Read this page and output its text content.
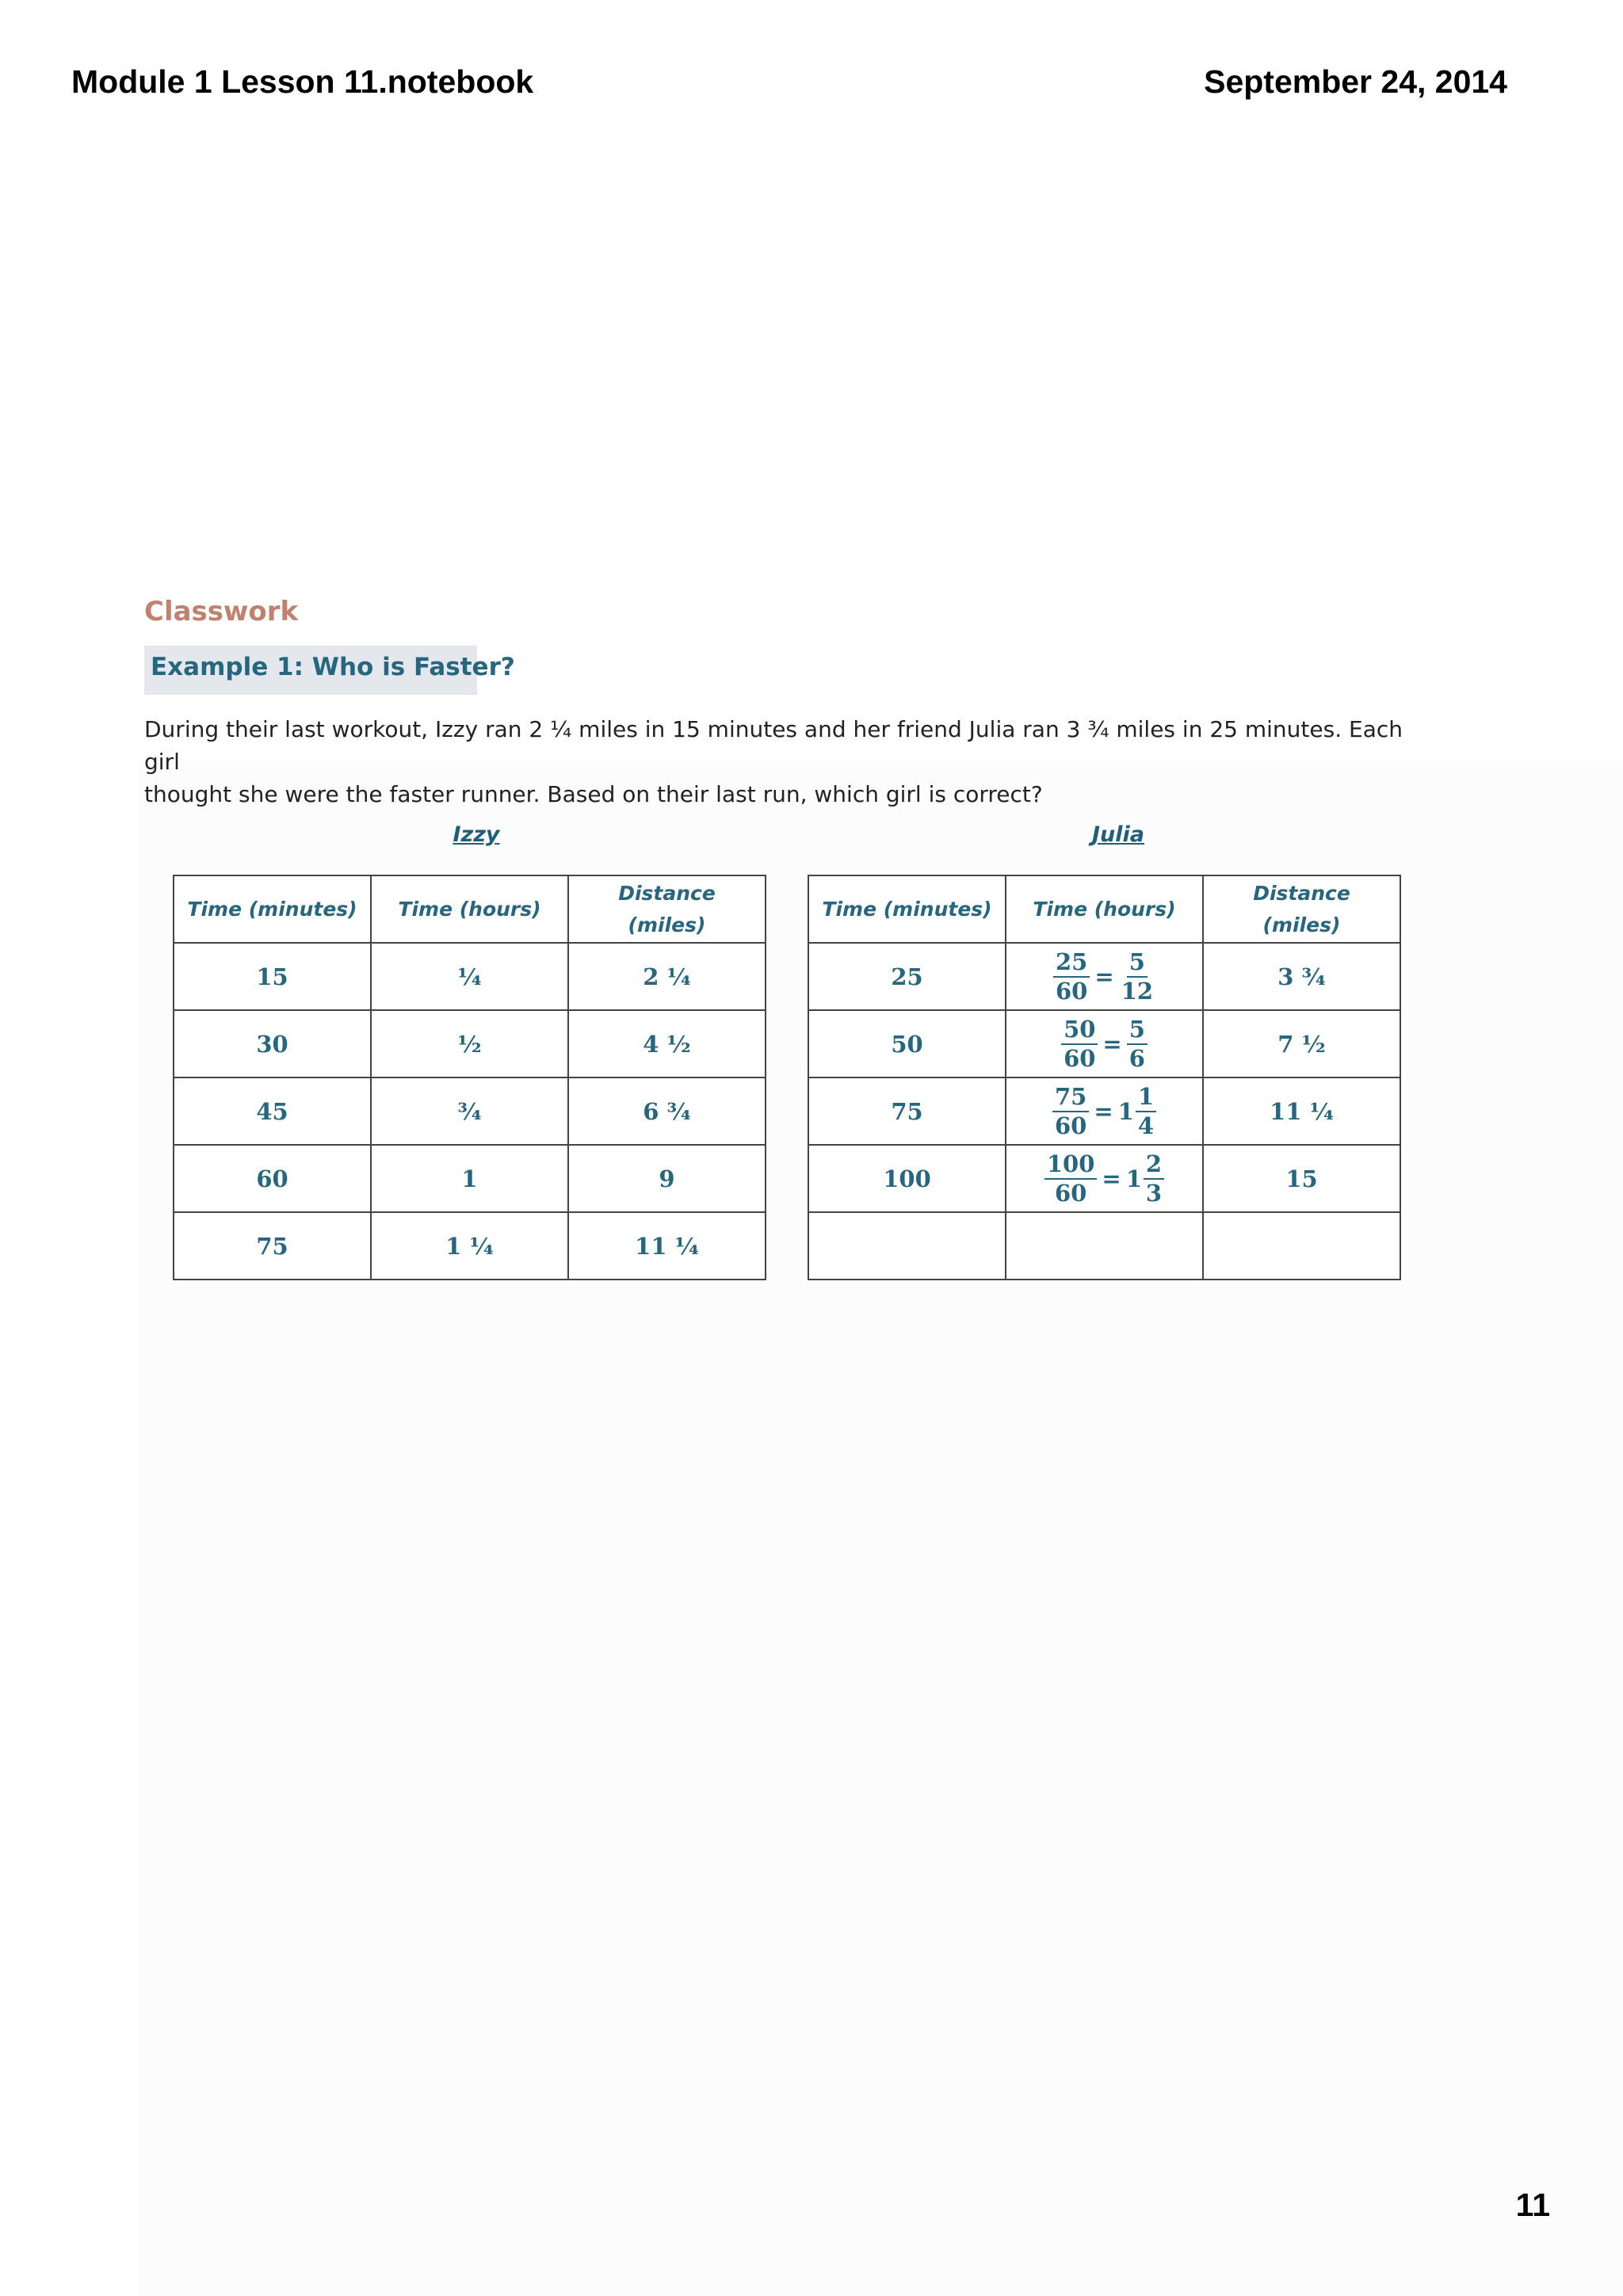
Module 1 Lesson 11.notebook	September 24, 2014
Classwork
Example 1: Who is Faster?
During their last workout, Izzy ran 2 ¼ miles in 15 minutes and her friend Julia ran 3 ¾ miles in 25 minutes. Each girl
thought she were the faster runner. Based on their last run, which girl is correct?
Izzy	Julia
Time (minutes)	Time (hours)	Distance
(miles)

15	¼	2 ¼
30	½	4 ½
45	¾	6 ¾
60	1	9
75	1 ¼	11 ¼
Time (minutes)	Time (hours)	Distance
(miles)

25	$\frac{25}{60} = \frac{5}{12}$	3 ¾
50	$\frac{50}{60} = \frac{5}{6}$	7 ½
75	$\frac{75}{60} = 1 \frac{1}{4}$	11 ¼
100	$\frac{100}{60} = 1 \frac{2}{3}$	15

11
